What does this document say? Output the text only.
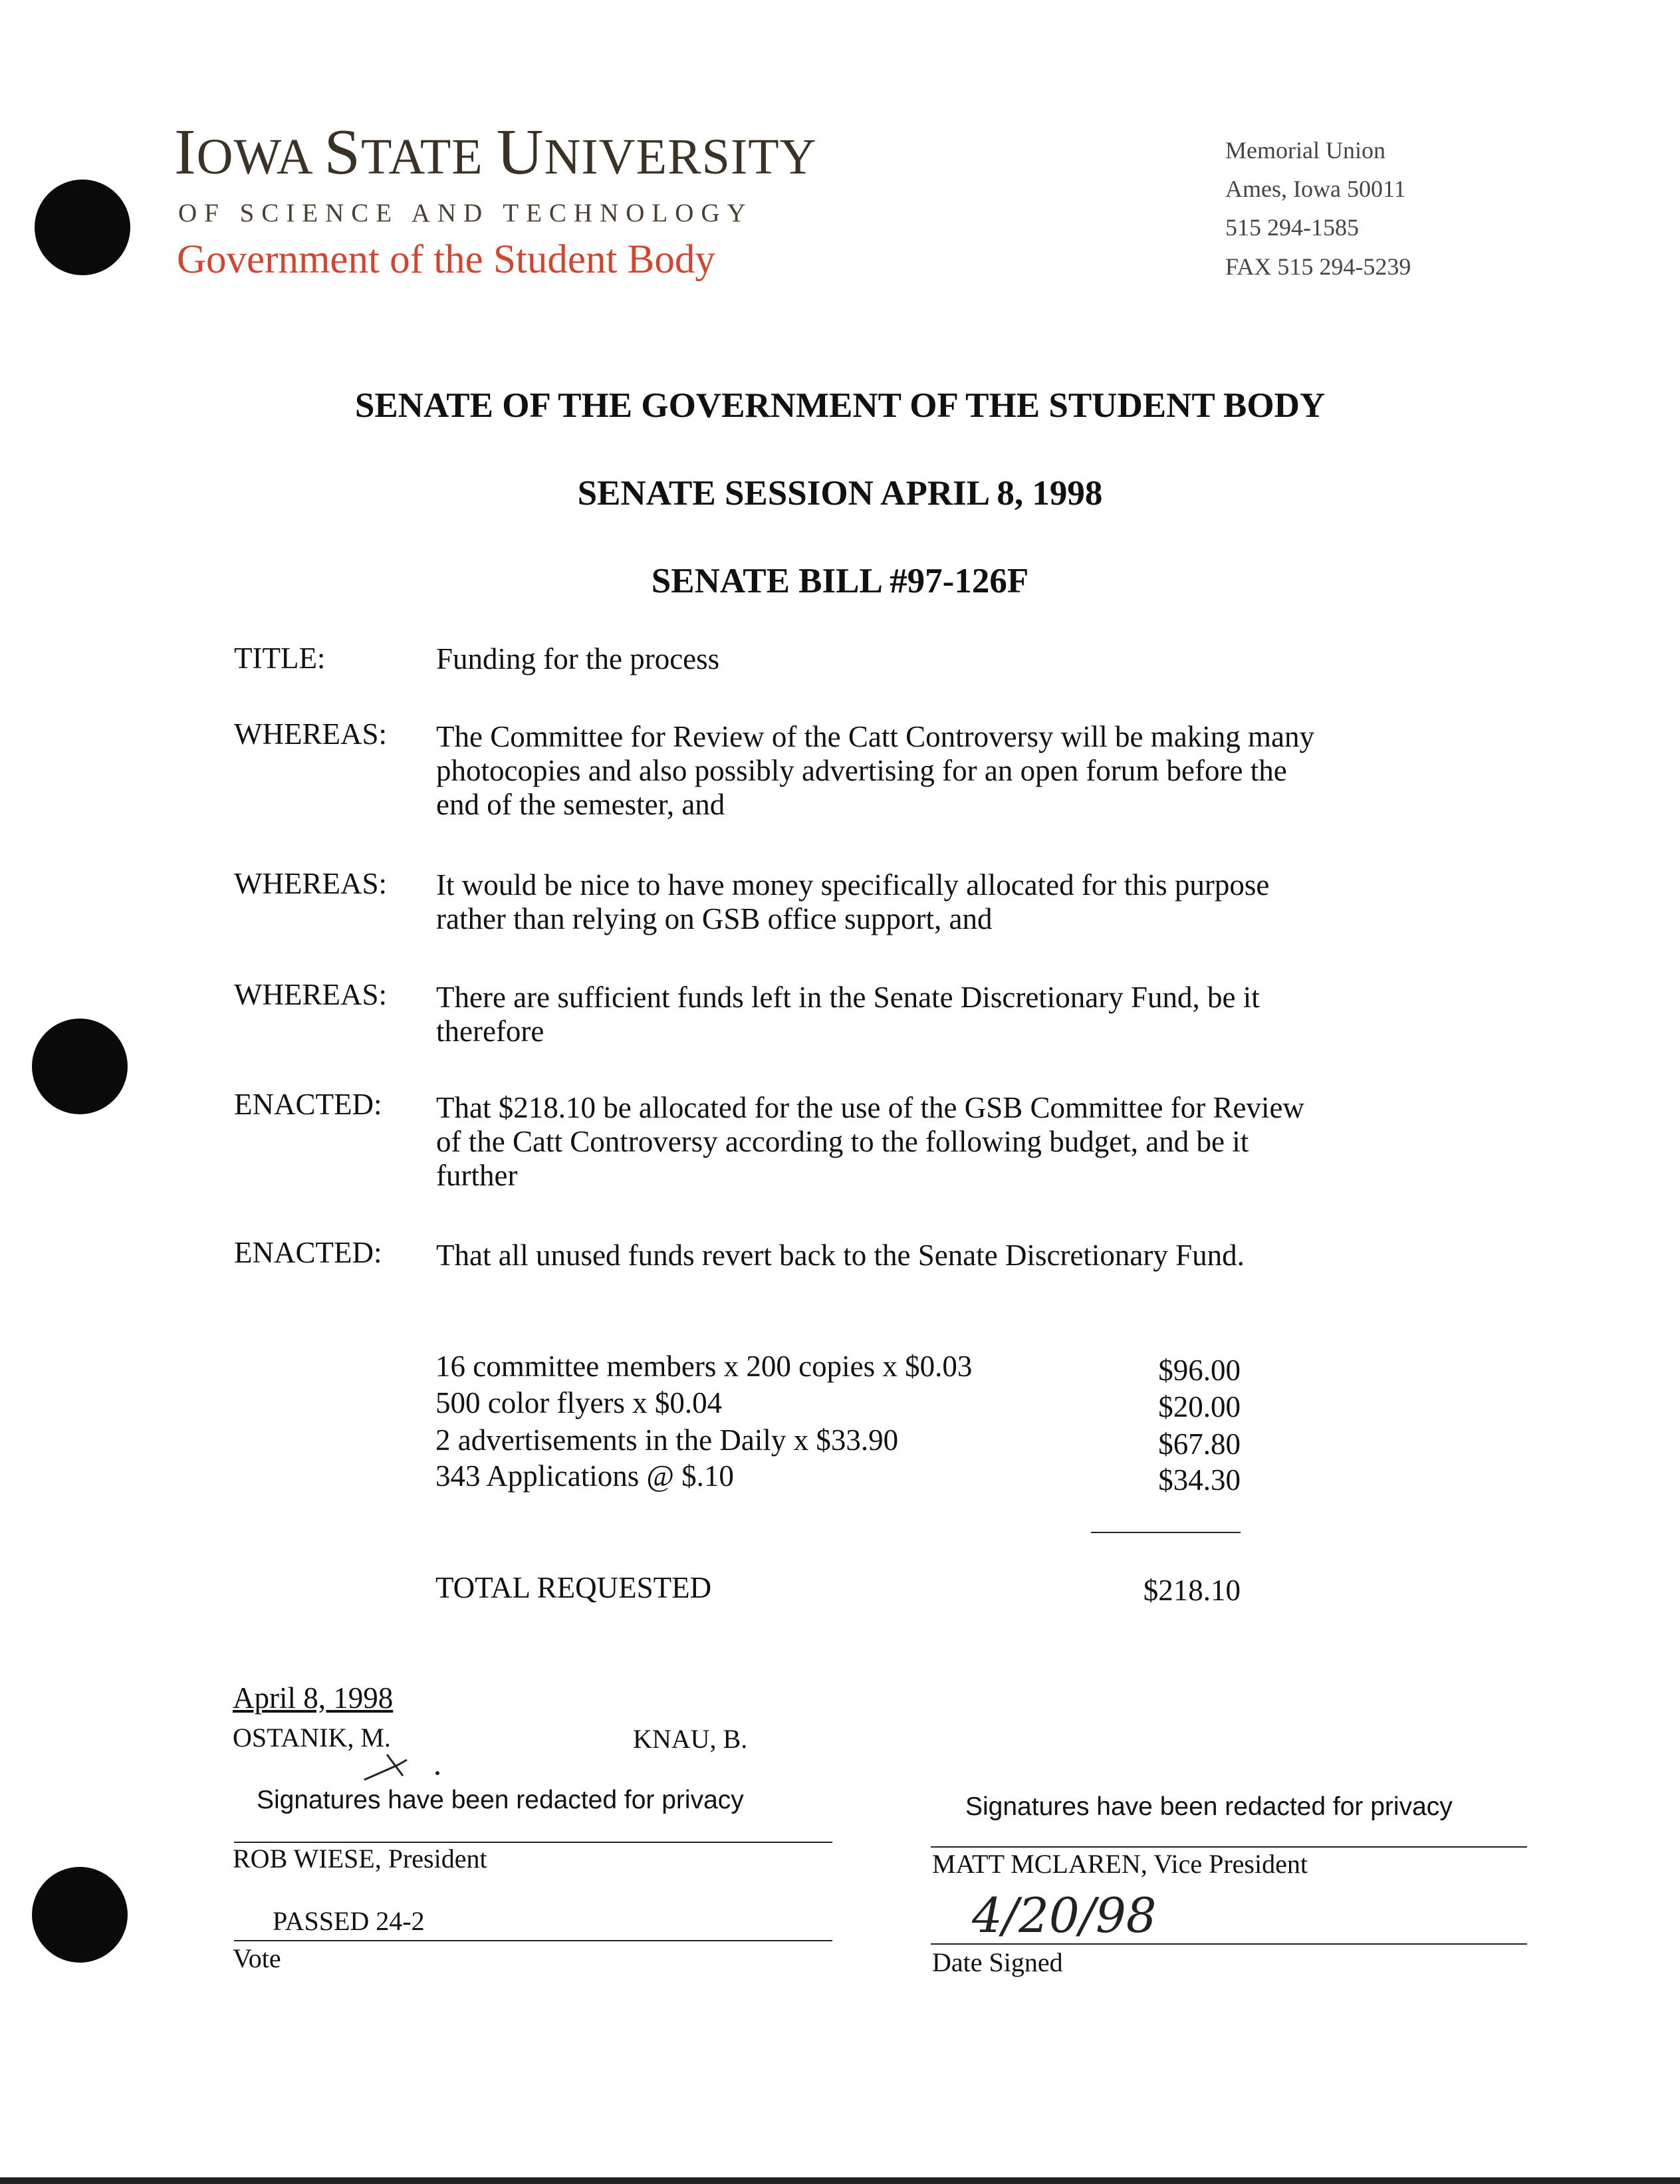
IOWA STATE UNIVERSITY
OF SCIENCE AND TECHNOLOGY
Government of the Student Body
Memorial Union
Ames, Iowa 50011
515 294-1585
FAX 515 294-5239
SENATE OF THE GOVERNMENT OF THE STUDENT BODY
SENATE SESSION APRIL 8, 1998
SENATE BILL #97-126F
TITLE:	Funding for the process
WHEREAS: The Committee for Review of the Catt Controversy will be making many
photocopies and also possibly advertising for an open forum before the
end of the semester, and
WHEREAS: It would be nice to have money specifically allocated for this purpose
rather than relying on GSB office support, and
WHEREAS: There are sufficient funds left in the Senate Discretionary Fund, be it
therefore
ENACTED: That $218.10 be allocated for the use of the GSB Committee for Review
of the Catt Controversy according to the following budget, and be it
further
ENACTED: That all unused funds revert back to the Senate Discretionary Fund.
16 committee members x 200 copies x $0.03	$96.00
500 color flyers x $0.04	$20.00
2 advertisements in the Daily x $33.90	$67.80
343 Applications @ $.10	$34.30
TOTAL REQUESTED	$218.10
April 8, 1998
OSTANIK, M.	KNAU, B.
Signatures have been redacted for privacy
ROB WIESE, President
Signatures have been redacted for privacy
MATT MCLAREN, Vice President
PASSED 24-2
Vote
4/20/98
Date Signed
